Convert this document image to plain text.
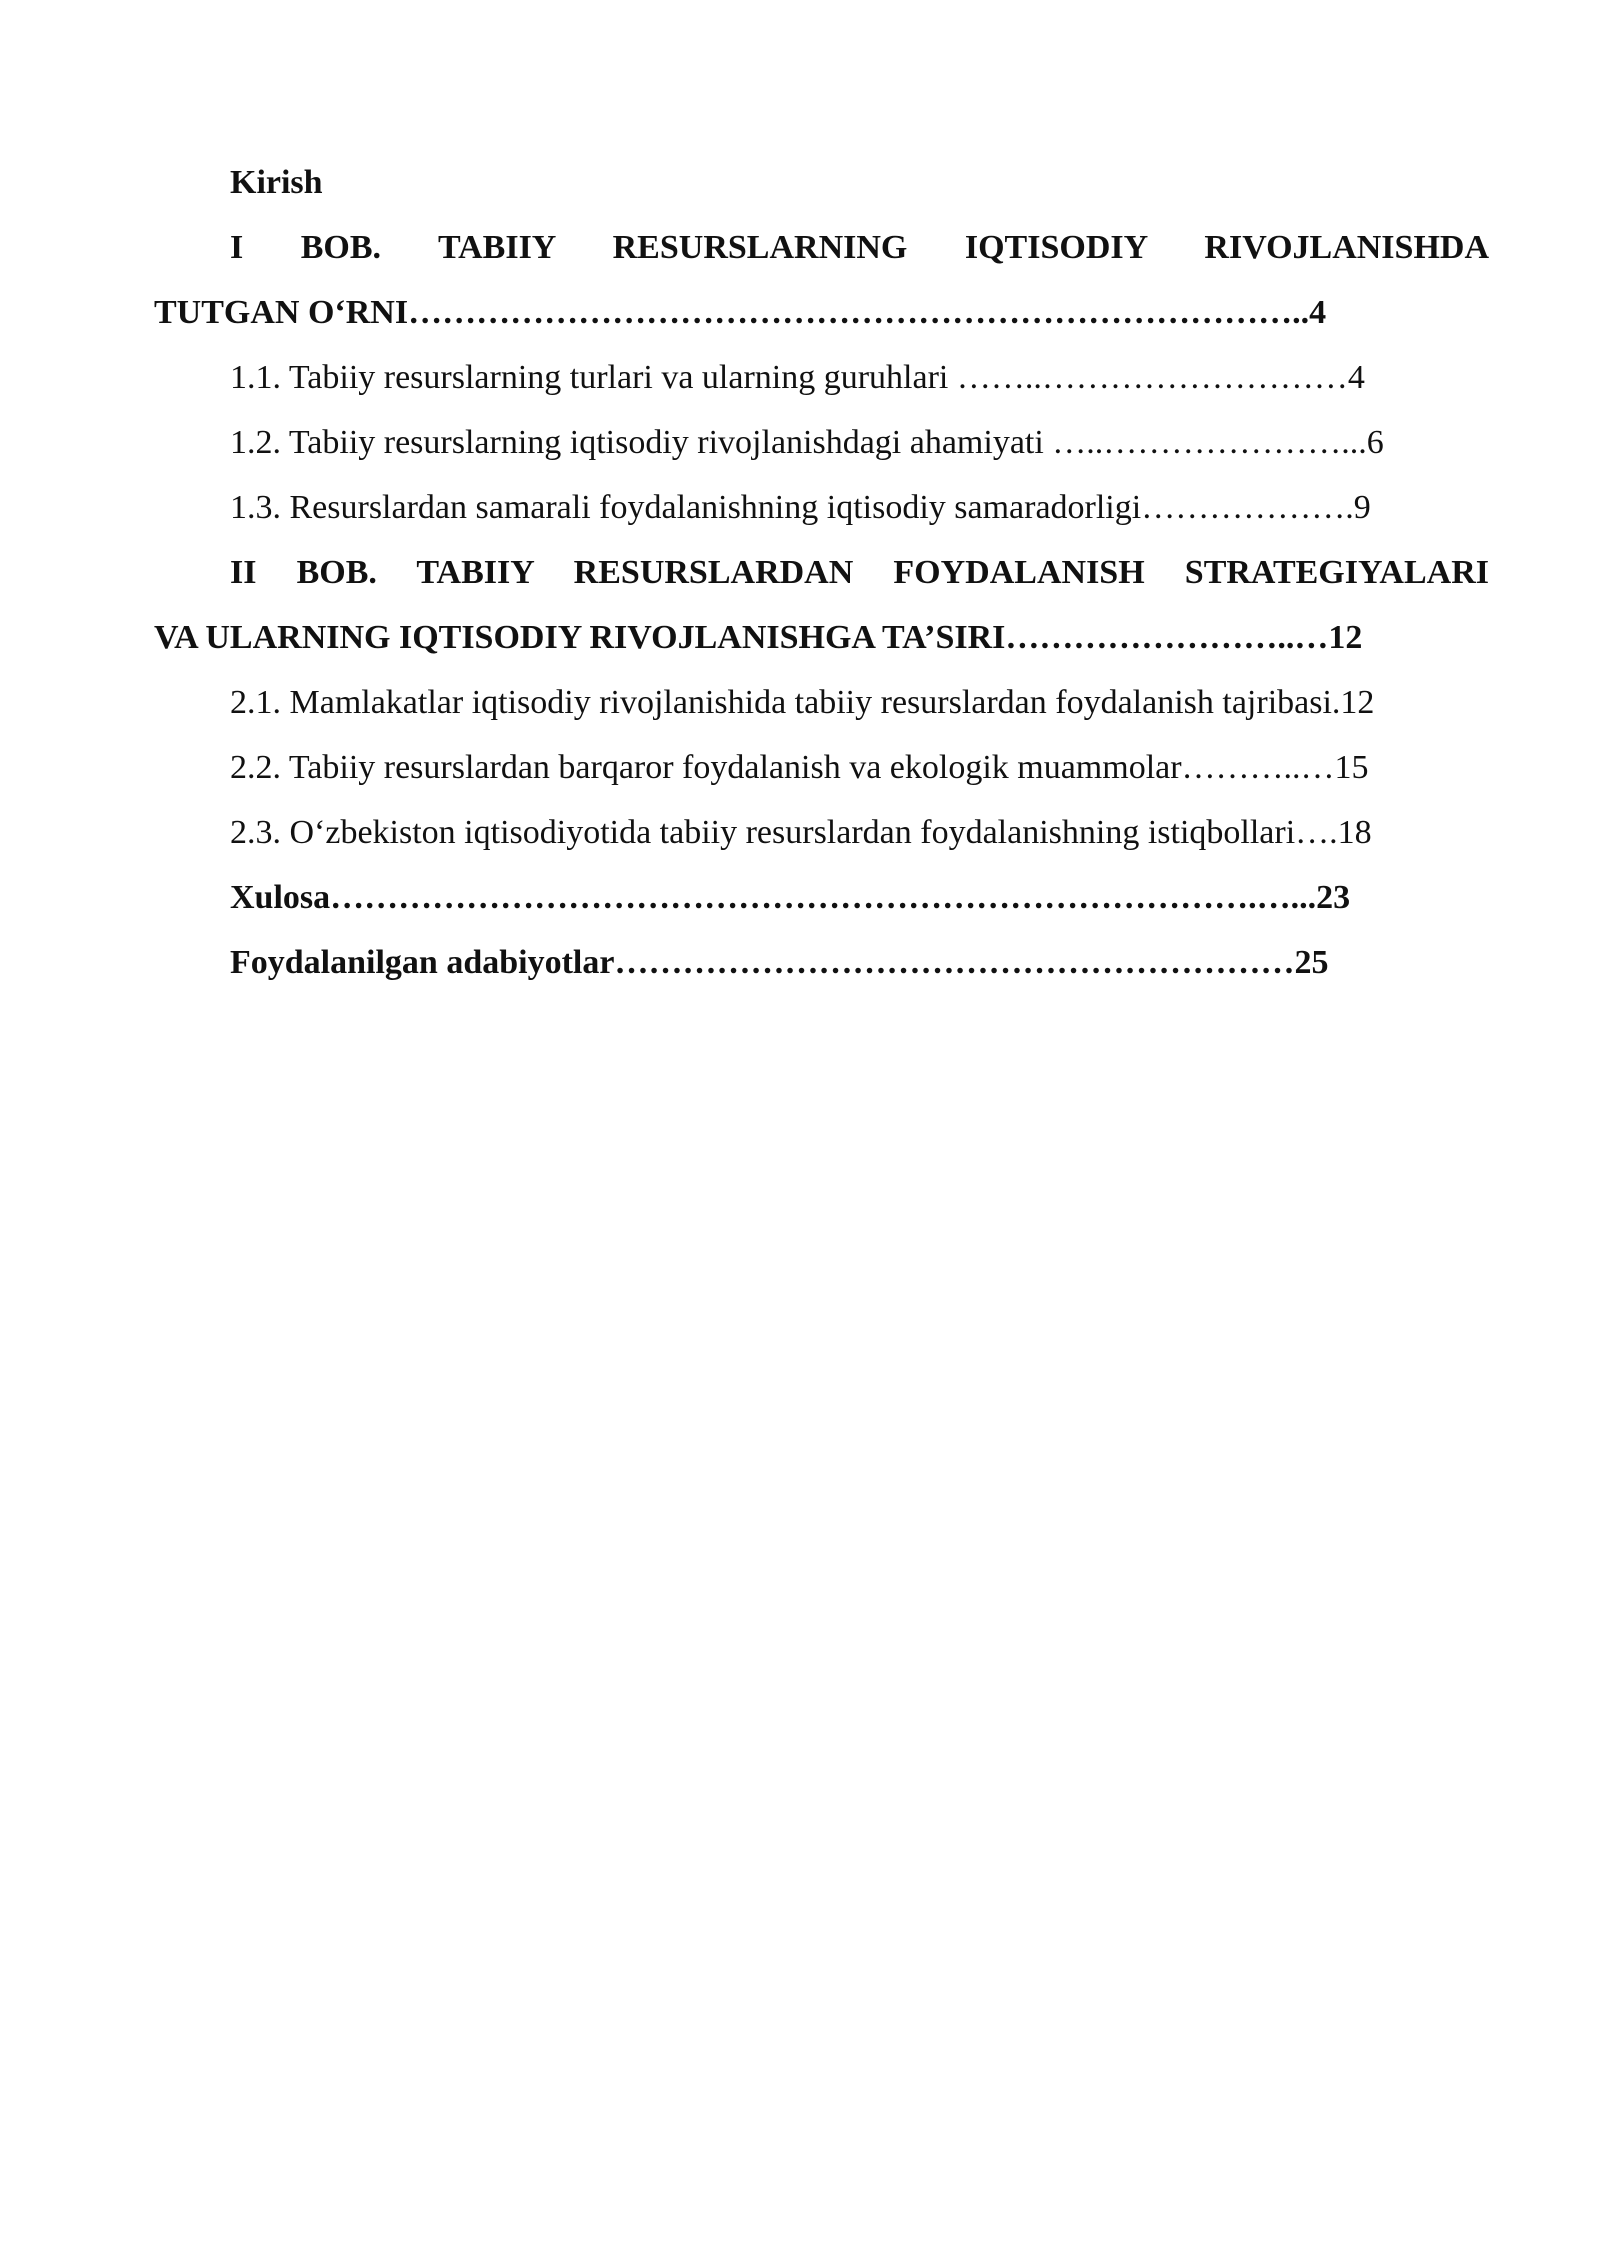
Kirish
I BOB. TABIIY RESURSLARNING IQTISODIY RIVOJLANISHDA
TUTGAN O‘RNI……………………………………………………………………..4
1.1. Tabiiy resurslarning turlari va ularning guruhlari ……..………………………4
1.2. Tabiiy resurslarning iqtisodiy rivojlanishdagi ahamiyati …..…………………...6
1.3. Resurslardan samarali foydalanishning iqtisodiy samaradorligi……………….9
II BOB. TABIIY RESURSLARDAN FOYDALANISH STRATEGIYALARI
VA ULARNING IQTISODIY RIVOJLANISHGA TA’SIRI……………………..…12
2.1. Mamlakatlar iqtisodiy rivojlanishida tabiiy resurslardan foydalanish tajribasi.12
2.2. Tabiiy resurslardan barqaror foydalanish va ekologik muammolar………..…15
2.3. O‘zbekiston iqtisodiyotida tabiiy resurslardan foydalanishning istiqbollari….18
Xulosa……………………………………………………………………….…...23
Foydalanilgan adabiyotlar……………………………………………………25
